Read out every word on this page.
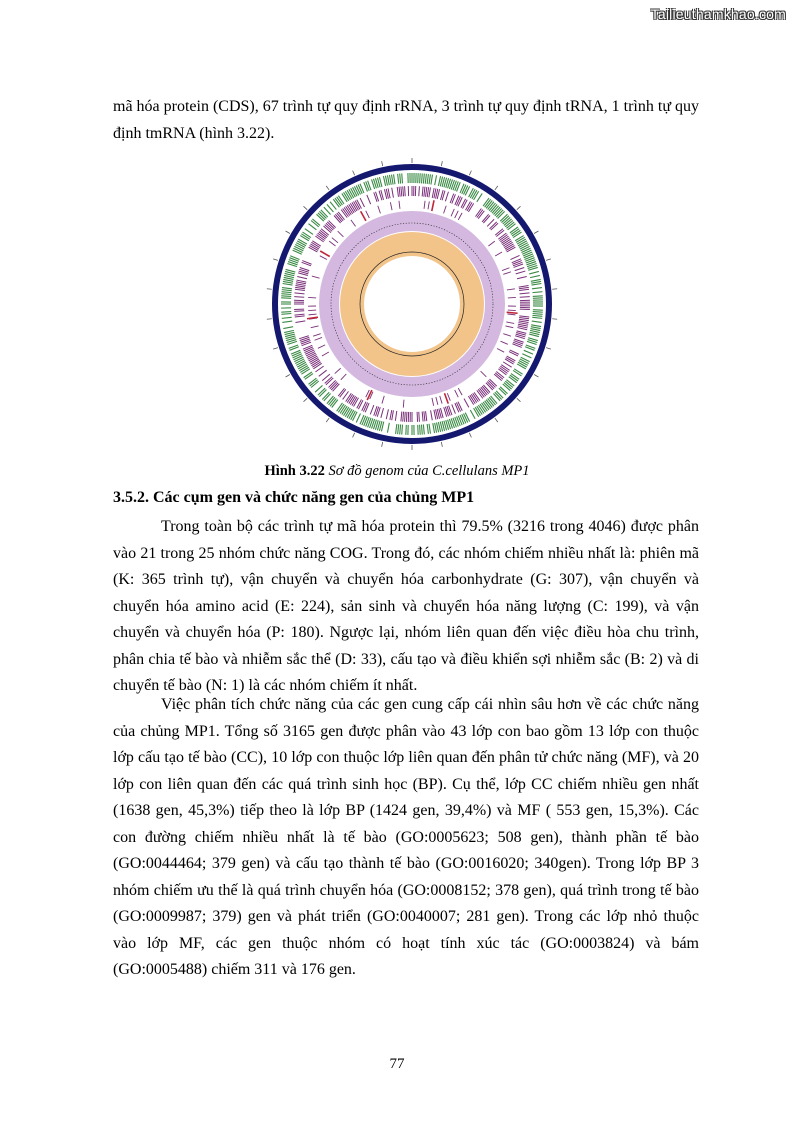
Tailieuthamkhao.com

mã hóa protein (CDS), 67 trình tự quy định rRNA, 3 trình tự quy định tRNA, 1 trình tự quy định tmRNA (hình 3.22).

Hình 3.22 Sơ đồ genom của C.cellulans MP1
3.5.2. Các cụm gen và chức năng gen của chủng MP1

Trong toàn bộ các trình tự mã hóa protein thì 79.5% (3216 trong 4046) được phân vào 21 trong 25 nhóm chức năng COG. Trong đó, các nhóm chiếm nhiều nhất là: phiên mã (K: 365 trình tự), vận chuyển và chuyển hóa carbonhydrate (G: 307), vận chuyển và chuyển hóa amino acid (E: 224), sản sinh và chuyển hóa năng lượng (C: 199), và vận chuyển và chuyển hóa (P: 180). Ngược lại, nhóm liên quan đến việc điều hòa chu trình, phân chia tế bào và nhiễm sắc thể (D: 33), cấu tạo và điều khiển sợi nhiễm sắc (B: 2) và di chuyển tế bào (N: 1) là các nhóm chiếm ít nhất.

Việc phân tích chức năng của các gen cung cấp cái nhìn sâu hơn về các chức năng của chủng MP1. Tổng số 3165 gen được phân vào 43 lớp con bao gồm 13 lớp con thuộc lớp cấu tạo tế bào (CC), 10 lớp con thuộc lớp liên quan đến phân tử chức năng (MF), và 20 lớp con liên quan đến các quá trình sinh học (BP). Cụ thể, lớp CC chiếm nhiều gen nhất (1638 gen, 45,3%) tiếp theo là lớp BP (1424 gen, 39,4%) và MF ( 553 gen, 15,3%). Các con đường chiếm nhiều nhất là tế bào (GO:0005623; 508 gen), thành phần tế bào (GO:0044464; 379 gen) và cấu tạo thành tế bào (GO:0016020; 340gen). Trong lớp BP 3 nhóm chiếm ưu thế là quá trình chuyển hóa (GO:0008152; 378 gen), quá trình trong tế bào (GO:0009987; 379) gen và phát triển (GO:0040007; 281 gen). Trong các lớp nhỏ thuộc vào lớp MF, các gen thuộc nhóm có hoạt tính xúc tác (GO:0003824) và bám (GO:0005488) chiếm 311 và 176 gen.

77
